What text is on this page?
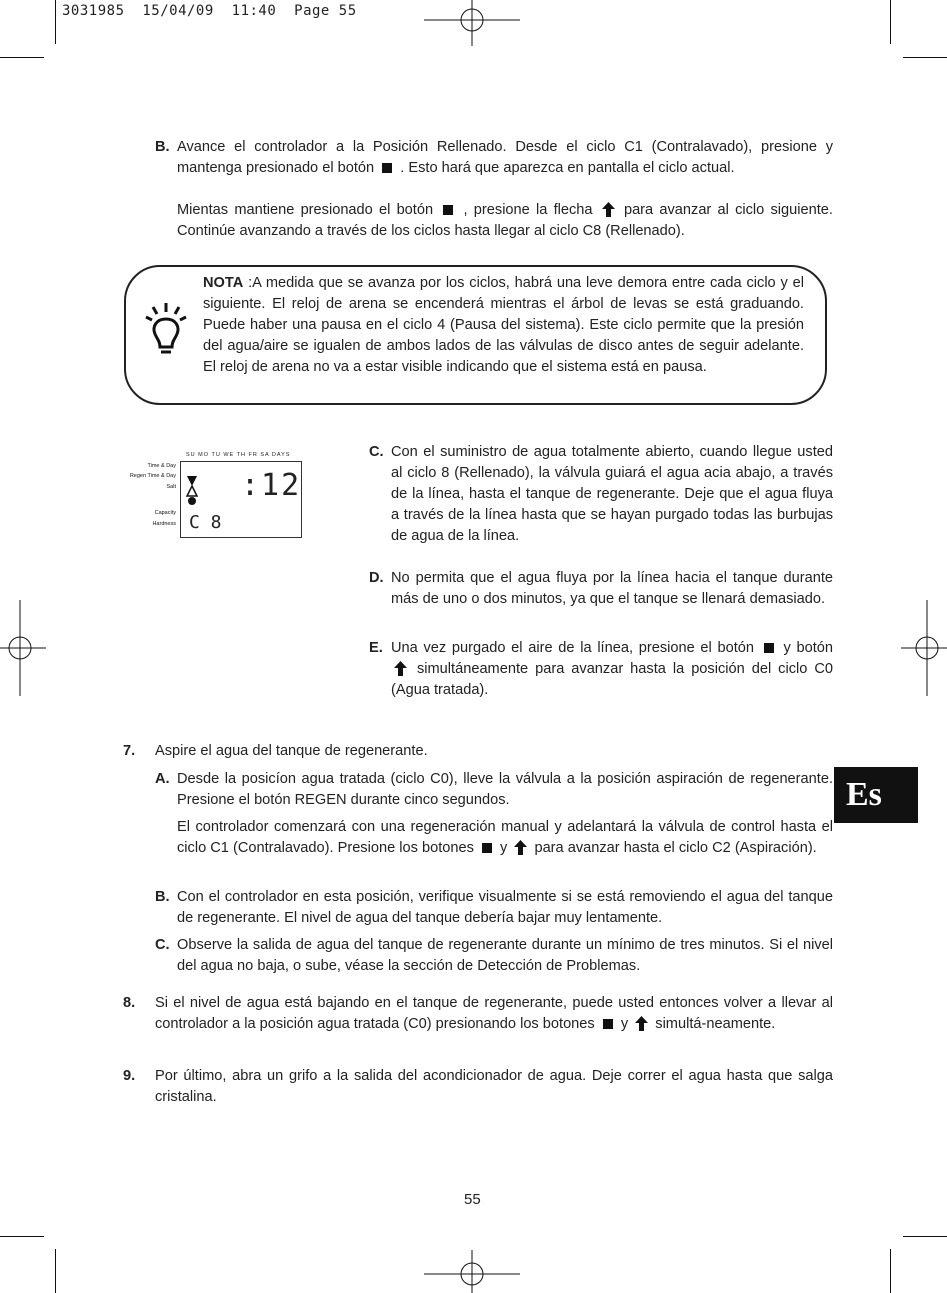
3031985  15/04/09  11:40  Page 55
B. Avance el controlador a la Posición Rellenado. Desde el ciclo C1 (Contralavado), presione y mantenga presionado el botón . Esto hará que aparezca en pantalla el ciclo actual.
Mientas mantiene presionado el botón , presione la flecha para avanzar al ciclo siguiente. Continúe avanzando a través de los ciclos hasta llegar al ciclo C8 (Rellenado).
NOTA :A medida que se avanza por los ciclos, habrá una leve demora entre cada ciclo y el siguiente. El reloj de arena se encenderá mientras el árbol de levas se está graduando. Puede haber una pausa en el ciclo 4 (Pausa del sistema). Este ciclo permite que la presión del agua/aire se igualen de ambos lados de las válvulas de disco antes de seguir adelante. El reloj de arena no va a estar visible indicando que el sistema está en pausa.
SU MO TU WE TH FR SA DAYS
Time & Day
Regen Time & Day
Salt
Capacity
Hardness
:12
C 8
C. Con el suministro de agua totalmente abierto, cuando llegue usted al ciclo 8 (Rellenado), la válvula guiará el agua acia abajo, a través de la línea, hasta el tanque de regenerante. Deje que el agua fluya a través de la línea hasta que se hayan purgado todas las burbujas de agua de la línea.
D. No permita que el agua fluya por la línea hacia el tanque durante más de uno o dos minutos, ya que el tanque se llenará demasiado.
E. Una vez purgado el aire de la línea, presione el botón y botón  simultáneamente para avanzar hasta la posición del ciclo C0 (Agua tratada).
7. Aspire el agua del tanque de regenerante.
A. Desde la posicíon agua tratada (ciclo C0), lleve la válvula a la posición aspiración de regenerante. Presione el botón REGEN durante cinco segundos.
El controlador comenzará con una regeneración manual y adelantará la válvula de control hasta el ciclo C1 (Contralavado). Presione los botones y para avanzar hasta el ciclo C2 (Aspiración).
B. Con el controlador en esta posición, verifique visualmente si se está removiendo el agua del tanque de regenerante. El nivel de agua del tanque debería bajar muy lentamente.
C. Observe la salida de agua del tanque de regenerante durante un mínimo de tres minutos. Si el nivel del agua no baja, o sube, véase la sección de Detección de Problemas.
8. Si el nivel de agua está bajando en el tanque de regenerante, puede usted entonces volver a llevar al controlador a la posición agua tratada (C0) presionando los botones y simultá-neamente.
9. Por último, abra un grifo a la salida del acondicionador de agua. Deje correr el agua hasta que salga cristalina.
Es
55
